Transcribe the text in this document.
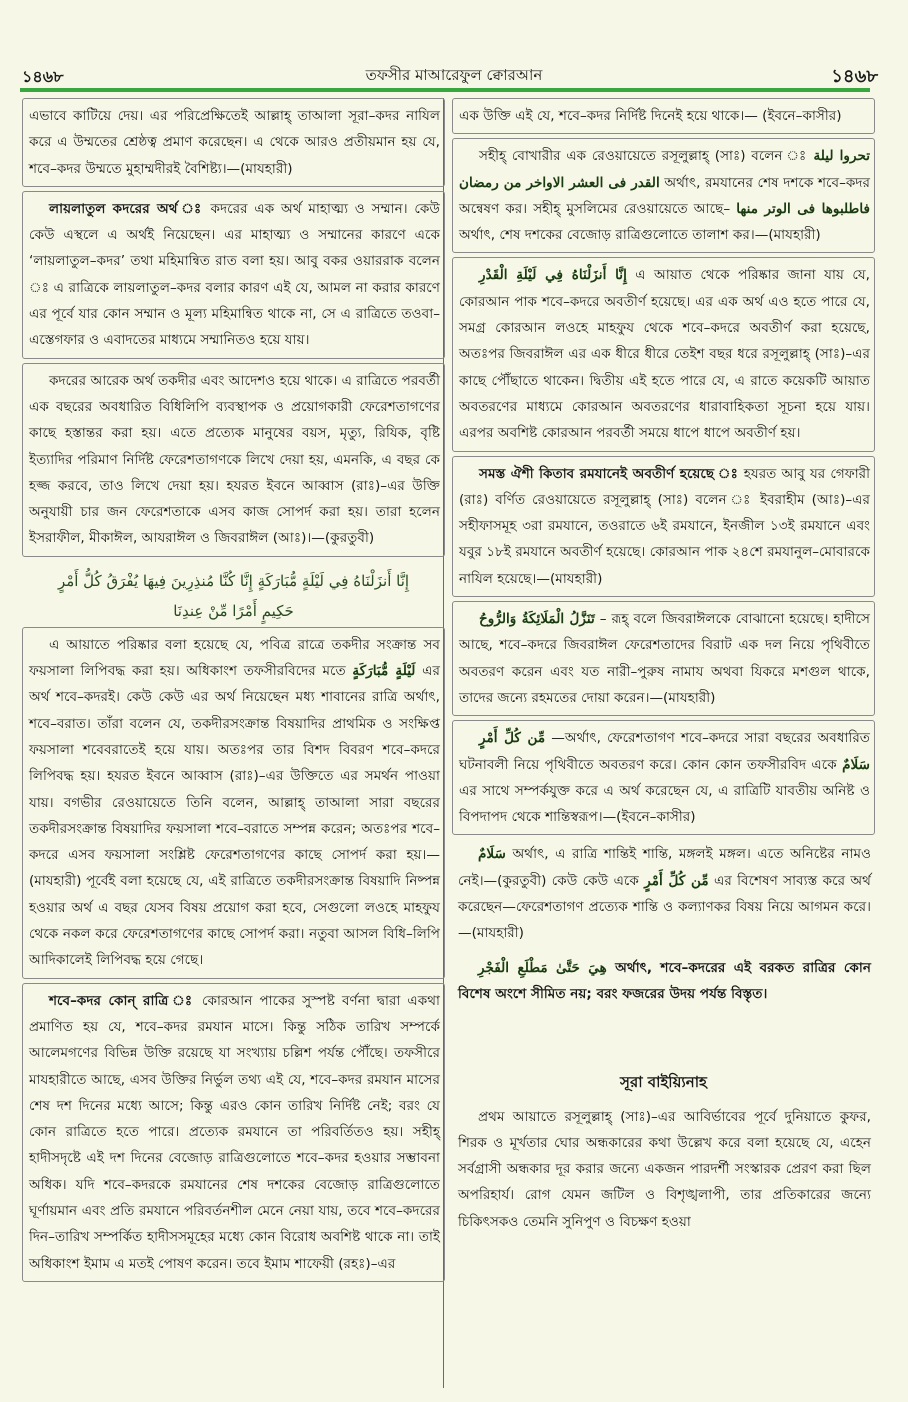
১৪৬৮	তফসীর মাআরেফুল ক্বোরআন	১৪৬৮

এভাবে কাটিয়ে দেয়। এর পরিপ্রেক্ষিতেই আল্লাহ্ তাআলা সূরা–কদর নাযিল করে এ উম্মতের শ্রেষ্ঠত্ব প্রমাণ করেছেন। এ থেকে আরও প্রতীয়মান হয় যে, শবে–কদর উম্মতে মুহাম্মদীরই বৈশিষ্ট্য।—(মাযহারী)

লায়লাতুল কদরের অর্থ ঃ কদরের এক অর্থ মাহাত্ম্য ও সম্মান। কেউ কেউ এস্থলে এ অর্থই নিয়েছেন। এর মাহাত্ম্য ও সম্মানের কারণে একে ‘লায়লাতুল–কদর’ তথা মহিমান্বিত রাত বলা হয়। আবু বকর ওয়াররাক বলেন ঃ এ রাত্রিকে লায়লাতুল–কদর বলার কারণ এই যে, আমল না করার কারণে এর পূর্বে যার কোন সম্মান ও মূল্য মহিমান্বিত থাকে না, সে এ রাত্রিতে তওবা–এস্তেগফার ও এবাদতের মাধ্যমে সম্মানিতও হয়ে যায়।

কদরের আরেক অর্থ তকদীর এবং আদেশও হয়ে থাকে। এ রাত্রিতে পরবর্তী এক বছরের অবধারিত বিধিলিপি ব্যবস্থাপক ও প্রয়োগকারী ফেরেশতাগণের কাছে হস্তান্তর করা হয়। এতে প্রত্যেক মানুষের বয়স, মৃত্যু, রিযিক, বৃষ্টি ইত্যাদির পরিমাণ নির্দিষ্ট ফেরেশতাগণকে লিখে দেয়া হয়, এমনকি, এ বছর কে হজ্জ করবে, তাও লিখে দেয়া হয়। হযরত ইবনে আব্বাস (রাঃ)–এর উক্তি অনুযায়ী চার জন ফেরেশতাকে এসব কাজ সোপর্দ করা হয়। তারা হলেন ইসরাফীল, মীকাঈল, আযরাঈল ও জিবরাঈল (আঃ)।—(কুরতুবী)

إِنَّا أَنزَلْنَاهُ فِي لَيْلَةٍ مُّبَارَكَةٍ إِنَّا كُنَّا مُنذِرِينَ فِيهَا يُفْرَقُ كُلُّ أَمْرٍ
حَكِيمٍ أَمْرًا مِّنْ عِندِنَا

এ আয়াতে পরিষ্কার বলা হয়েছে যে, পবিত্র রাত্রে তকদীর সংক্রান্ত সব ফয়সালা লিপিবদ্ধ করা হয়। অধিকাংশ তফসীরবিদের মতে لَيْلَةٍ مُّبَارَكَةٍ এর অর্থ শবে–কদরই। কেউ কেউ এর অর্থ নিয়েছেন মধ্য শাবানের রাত্রি অর্থাৎ, শবে–বরাত। তাঁরা বলেন যে, তকদীরসংক্রান্ত বিষয়াদির প্রাথমিক ও সংক্ষিপ্ত ফয়সালা শবেবরাতেই হয়ে যায়। অতঃপর তার বিশদ বিবরণ শবে–কদরে লিপিবদ্ধ হয়। হযরত ইবনে আব্বাস (রাঃ)–এর উক্তিতে এর সমর্থন পাওয়া যায়। বগভীর রেওয়ায়েতে তিনি বলেন, আল্লাহ্ তাআলা সারা বছরের তকদীরসংক্রান্ত বিষয়াদির ফয়সালা শবে–বরাতে সম্পন্ন করেন; অতঃপর শবে–কদরে এসব ফয়সালা সংশ্লিষ্ট ফেরেশতাগণের কাছে সোপর্দ করা হয়।—(মাযহারী) পূর্বেই বলা হয়েছে যে, এই রাত্রিতে তকদীরসংক্রান্ত বিষয়াদি নিষ্পন্ন হওয়ার অর্থ এ বছর যেসব বিষয় প্রয়োগ করা হবে, সেগুলো লওহে মাহফুয থেকে নকল করে ফেরেশতাগণের কাছে সোপর্দ করা। নতুবা আসল বিধি–লিপি আদিকালেই লিপিবদ্ধ হয়ে গেছে।

শবে–কদর কোন্ রাত্রি ঃ কোরআন পাকের সুস্পষ্ট বর্ণনা দ্বারা একথা প্রমাণিত হয় যে, শবে–কদর রমযান মাসে। কিন্তু সঠিক তারিখ সম্পর্কে আলেমগণের বিভিন্ন উক্তি রয়েছে যা সংখ্যায় চল্লিশ পর্যন্ত পৌঁছে। তফসীরে মাযহারীতে আছে, এসব উক্তির নির্ভুল তথ্য এই যে, শবে–কদর রমযান মাসের শেষ দশ দিনের মধ্যে আসে; কিন্তু এরও কোন তারিখ নির্দিষ্ট নেই; বরং যে কোন রাত্রিতে হতে পারে। প্রত্যেক রমযানে তা পরিবর্তিতও হয়। সহীহ্ হাদীসদৃষ্টে এই দশ দিনের বেজোড় রাত্রিগুলোতে শবে–কদর হওয়ার সম্ভাবনা অধিক। যদি শবে–কদরকে রমযানের শেষ দশকের বেজোড় রাত্রিগুলোতে ঘূর্ণায়মান এবং প্রতি রমযানে পরিবর্তনশীল মেনে নেয়া যায়, তবে শবে–কদরের দিন–তারিখ সম্পর্কিত হাদীসসমূহের মধ্যে কোন বিরোধ অবশিষ্ট থাকে না। তাই অধিকাংশ ইমাম এ মতই পোষণ করেন। তবে ইমাম শাফেয়ী (রহঃ)–এর

এক উক্তি এই যে, শবে–কদর নির্দিষ্ট দিনেই হয়ে থাকে।— (ইবনে–কাসীর)

সহীহ্ বোখারীর এক রেওয়ায়েতে রসূলুল্লাহ্ (সাঃ) বলেন ঃ تحروا ليلة القدر فى العشر الاواخر من رمضان অর্থাৎ, রমযানের শেষ দশকে শবে–কদর অন্বেষণ কর। সহীহ্ মুসলিমের রেওয়ায়েতে আছে– فاطلبوها فى الوتر منها অর্থাৎ, শেষ দশকের বেজোড় রাত্রিগুলোতে তালাশ কর।—(মাযহারী)

إِنَّا أَنزَلْنَاهُ فِي لَيْلَةِ الْقَدْرِ এ আয়াত থেকে পরিষ্কার জানা যায় যে, কোরআন পাক শবে–কদরে অবতীর্ণ হয়েছে। এর এক অর্থ এও হতে পারে যে, সমগ্র কোরআন লওহে মাহফুয থেকে শবে–কদরে অবতীর্ণ করা হয়েছে, অতঃপর জিবরাঈল এর এক ধীরে ধীরে তেইশ বছর ধরে রসূলুল্লাহ্ (সাঃ)–এর কাছে পৌঁছাতে থাকেন। দ্বিতীয় এই হতে পারে যে, এ রাতে কয়েকটি আয়াত অবতরণের মাধ্যমে কোরআন অবতরণের ধারাবাহিকতা সূচনা হয়ে যায়। এরপর অবশিষ্ট কোরআন পরবর্তী সময়ে ধাপে ধাপে অবতীর্ণ হয়।

সমস্ত ঐশী কিতাব রমযানেই অবতীর্ণ হয়েছে ঃ হযরত আবু যর গেফারী (রাঃ) বর্ণিত রেওয়ায়েতে রসূলুল্লাহ্ (সাঃ) বলেন ঃ ইবরাহীম (আঃ)–এর সহীফাসমূহ ৩রা রমযানে, তওরাতে ৬ই রমযানে, ইনজীল ১৩ই রমযানে এবং যবুর ১৮ই রমযানে অবতীর্ণ হয়েছে। কোরআন পাক ২৪শে রমযানুল–মোবারকে নাযিল হয়েছে।—(মাযহারী)

تَنَزَّلُ الْمَلَائِكَةُ وَالرُّوحُ – রূহ্ বলে জিবরাঈলকে বোঝানো হয়েছে। হাদীসে আছে, শবে–কদরে জিবরাঈল ফেরেশতাদের বিরাট এক দল নিয়ে পৃথিবীতে অবতরণ করেন এবং যত নারী–পুরুষ নামায অথবা যিকরে মশগুল থাকে, তাদের জন্যে রহমতের দোয়া করেন।—(মাযহারী)

مِّن كُلِّ أَمْرٍ —অর্থাৎ, ফেরেশতাগণ শবে–কদরে সারা বছরের অবধারিত ঘটনাবলী নিয়ে পৃথিবীতে অবতরণ করে। কোন কোন তফসীরবিদ একে سَلَامٌ এর সাথে সম্পর্কযুক্ত করে এ অর্থ করেছেন যে, এ রাত্রিটি যাবতীয় অনিষ্ট ও বিপদাপদ থেকে শান্তিস্বরূপ।—(ইবনে–কাসীর)

سَلَامٌ অর্থাৎ, এ রাত্রি শান্তিই শান্তি, মঙ্গলই মঙ্গল। এতে অনিষ্টের নামও নেই।—(কুরতুবী) কেউ কেউ একে مِّن كُلِّ أَمْرٍ এর বিশেষণ সাব্যস্ত করে অর্থ করেছেন—ফেরেশতাগণ প্রত্যেক শান্তি ও কল্যাণকর বিষয় নিয়ে আগমন করে।—(মাযহারী)

هِيَ حَتَّىٰ مَطْلَعِ الْفَجْرِ অর্থাৎ, শবে–কদরের এই বরকত রাত্রির কোন বিশেষ অংশে সীমিত নয়; বরং ফজরের উদয় পর্যন্ত বিস্তৃত।

সূরা বাইয়্যিনাহ

প্রথম আয়াতে রসূলুল্লাহ্ (সাঃ)–এর আবির্ভাবের পূর্বে দুনিয়াতে কুফর, শিরক ও মূর্খতার ঘোর অন্ধকারের কথা উল্লেখ করে বলা হয়েছে যে, এহেন সর্বগ্রাসী অন্ধকার দূর করার জন্যে একজন পারদর্শী সংস্কারক প্রেরণ করা ছিল অপরিহার্য। রোগ যেমন জটিল ও বিশৃঙ্খলাপী, তার প্রতিকারের জন্যে চিকিৎসকও তেমনি সুনিপুণ ও বিচক্ষণ হওয়া
